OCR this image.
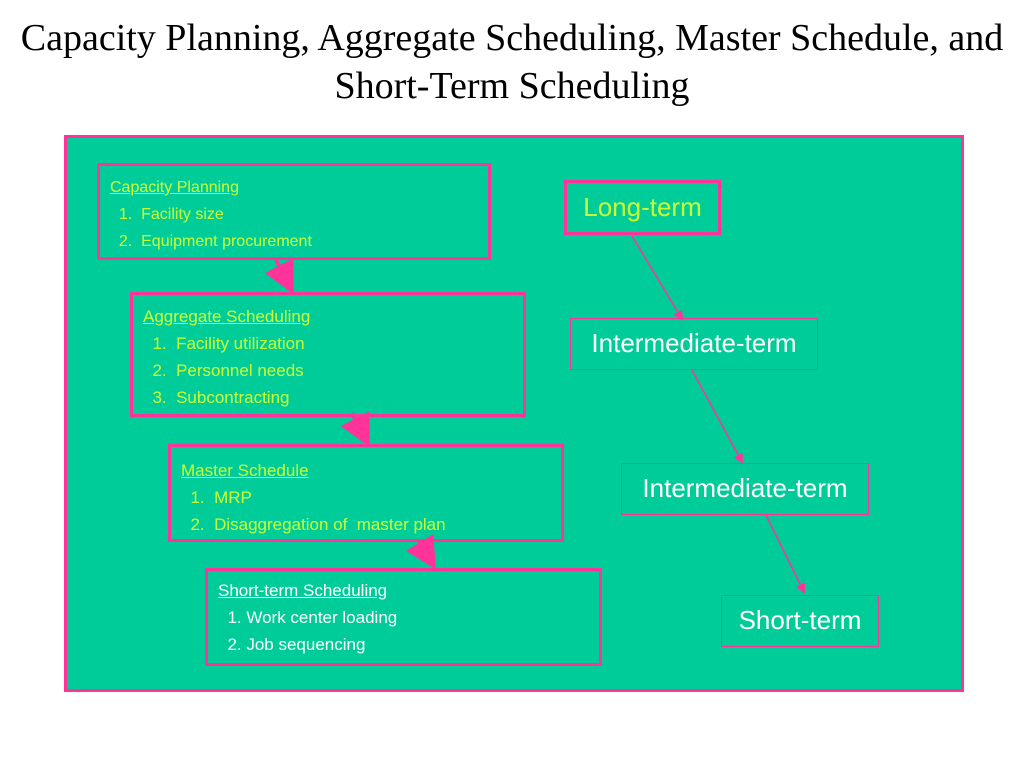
Capacity Planning, Aggregate Scheduling, Master Schedule, and Short-Term Scheduling
Capacity Planning
1.  Facility size
2.  Equipment procurement
Aggregate Scheduling
1.  Facility utilization
2.  Personnel needs
3.  Subcontracting
Master Schedule
1.  MRP
2.  Disaggregation of  master plan
Short-term Scheduling
1. Work center loading
2. Job sequencing
Long-term
Intermediate-term
Intermediate-term
Short-term
